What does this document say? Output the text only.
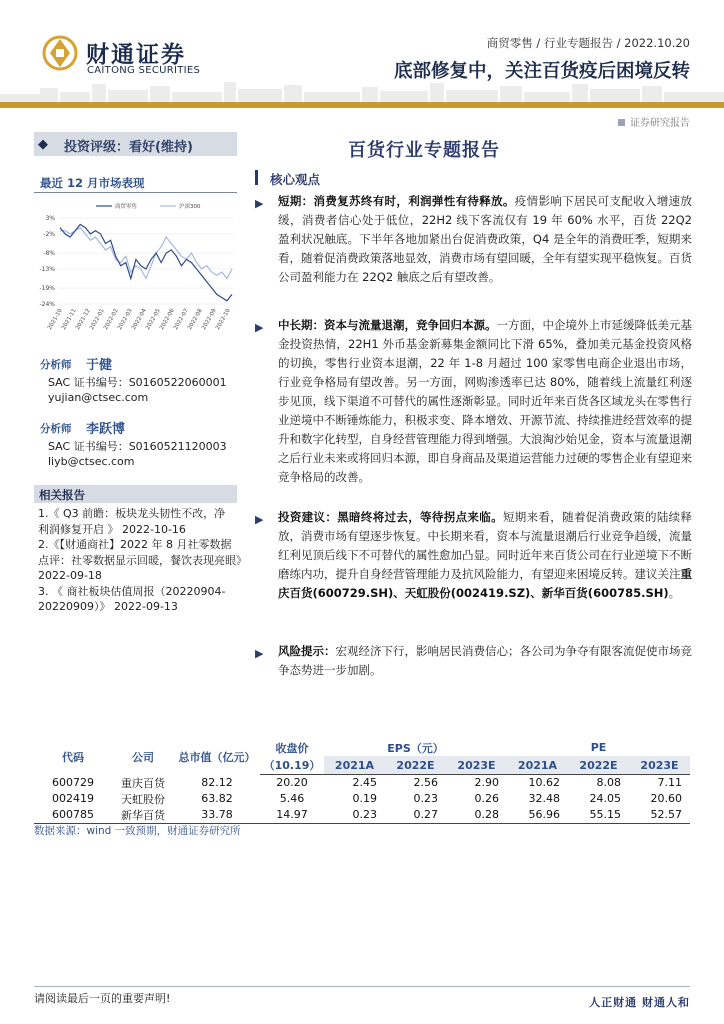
财通证券
CAITONG SECURITIES
商贸零售 / 行业专题报告 / 2022.10.20
底部修复中，关注百货疫后困境反转
证券研究报告
◆ 投资评级：看好(维持)
最近 12 月市场表现
商贸零售	沪深300
3%
-2%
-8%
-13%
-19%
-24%
2021-10
2021-11
2021-12
2022-01
2022-02
2022-03
2022-04
2022-05
2022-06
2022-07
2022-08
2022-09
2022-10
分析师 于健
SAC 证书编号：S0160522060001
yujian@ctsec.com
分析师 李跃博
SAC 证书编号：S0160521120003
liyb@ctsec.com
相关报告
1.《 Q3 前瞻：板块龙头韧性不改，净
利润修复开启 》 2022-10-16
2.《【财通商社】2022 年 8 月社零数据
点评：社零数据显示回暖，餐饮表现亮眼》
2022-09-18
3. 《 商社板块估值周报（20220904-
20220909）》 2022-09-13
百货行业专题报告
核心观点
▶ 短期：消费复苏终有时，利润弹性有待释放。疫情影响下居民可支配收入增速放缓，消费者信心处于低位，22H2 线下客流仅有 19 年 60% 水平，百货 22Q2 盈利状况触底。下半年各地加紧出台促消费政策，Q4 是全年的消费旺季，短期来看，随着促消费政策落地显效，消费市场有望回暖，全年有望实现平稳恢复。百货公司盈利能力在 22Q2 触底之后有望改善。
▶ 中长期：资本与流量退潮，竞争回归本源。一方面，中企境外上市延缓降低美元基金投资热情，22H1 外币基金新募集金额同比下滑 65%，叠加美元基金投资风格的切换，零售行业资本退潮，22 年 1-8 月超过 100 家零售电商企业退出市场，行业竞争格局有望改善。另一方面，网购渗透率已达 80%，随着线上流量红利逐步见顶，线下渠道不可替代的属性逐渐彰显。同时近年来百货各区域龙头在零售行业逆境中不断锤炼能力，积极求变、降本增效、开源节流、持续推进经营效率的提升和数字化转型，自身经营管理能力得到增强。大浪淘沙始见金，资本与流量退潮之后行业未来或将回归本源，即自身商品及渠道运营能力过硬的零售企业有望迎来竞争格局的改善。
▶ 投资建议：黑暗终将过去，等待拐点来临。短期来看，随着促消费政策的陆续释放，消费市场有望逐步恢复。中长期来看，资本与流量退潮后行业竞争趋缓，流量红利见顶后线下不可替代的属性愈加凸显。同时近年来百货公司在行业逆境下不断磨练内功，提升自身经营管理能力及抗风险能力，有望迎来困境反转。建议关注重庆百货(600729.SH)、天虹股份(002419.SZ)、新华百货(600785.SH)。
▶ 风险提示：宏观经济下行，影响居民消费信心；各公司为争夺有限客流促使市场竞争态势进一步加剧。
代码	公司	总市值（亿元）	收盘价	EPS（元）			PE		
			（10.19）	2021A	2022E	2023E	2021A	2022E	2023E
600729	重庆百货	82.12	20.20	2.45	2.56	2.90	10.62	8.08	7.11
002419	天虹股份	63.82	5.46	0.19	0.23	0.26	32.48	24.05	20.60
600785	新华百货	33.78	14.97	0.23	0.27	0.28	56.96	55.15	52.57
数据来源：wind 一致预期，财通证券研究所
请阅读最后一页的重要声明!	人正财通 财通人和
